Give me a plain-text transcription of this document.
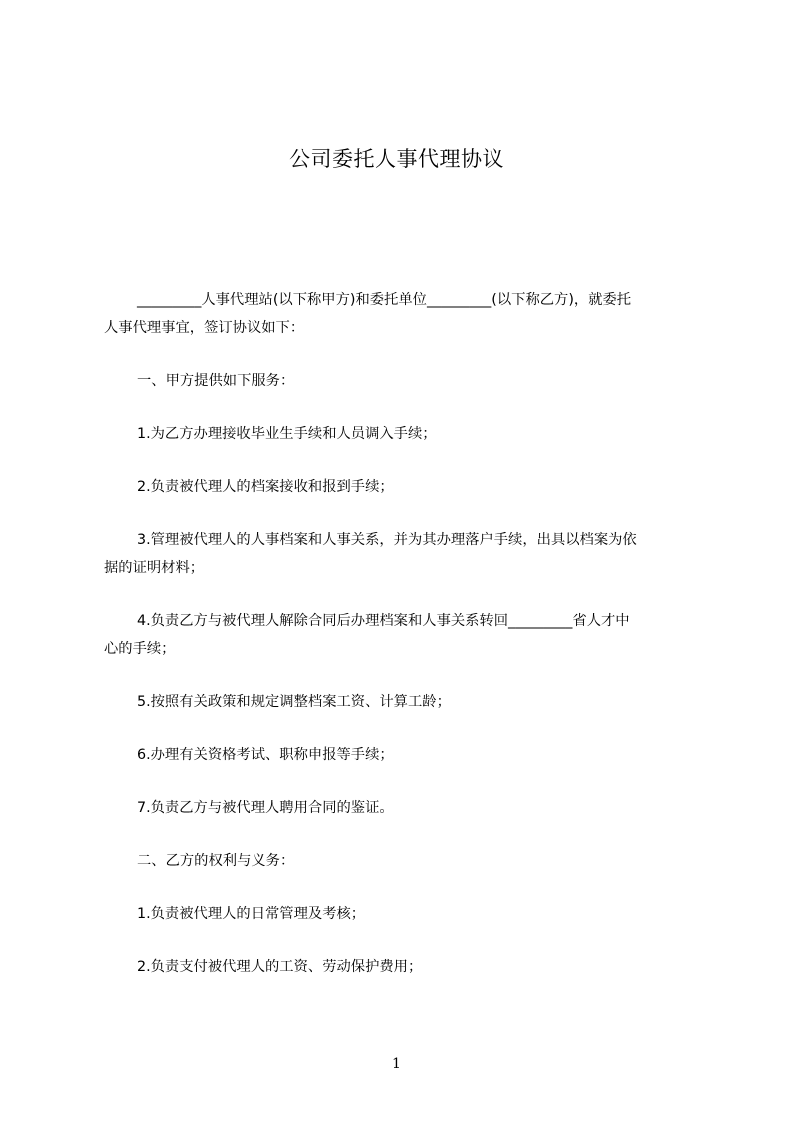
公司委托人事代理协议
_________人事代理站(以下称甲方)和委托单位_________(以下称乙方)，就委托
人事代理事宜，签订协议如下：
一、甲方提供如下服务：
1.为乙方办理接收毕业生手续和人员调入手续；
2.负责被代理人的档案接收和报到手续；
3.管理被代理人的人事档案和人事关系，并为其办理落户手续，出具以档案为依
据的证明材料；
4.负责乙方与被代理人解除合同后办理档案和人事关系转回_________省人才中
心的手续；
5.按照有关政策和规定调整档案工资、计算工龄；
6.办理有关资格考试、职称申报等手续；
7.负责乙方与被代理人聘用合同的鉴证。
二、乙方的权利与义务：
1.负责被代理人的日常管理及考核；
2.负责支付被代理人的工资、劳动保护费用；
1
